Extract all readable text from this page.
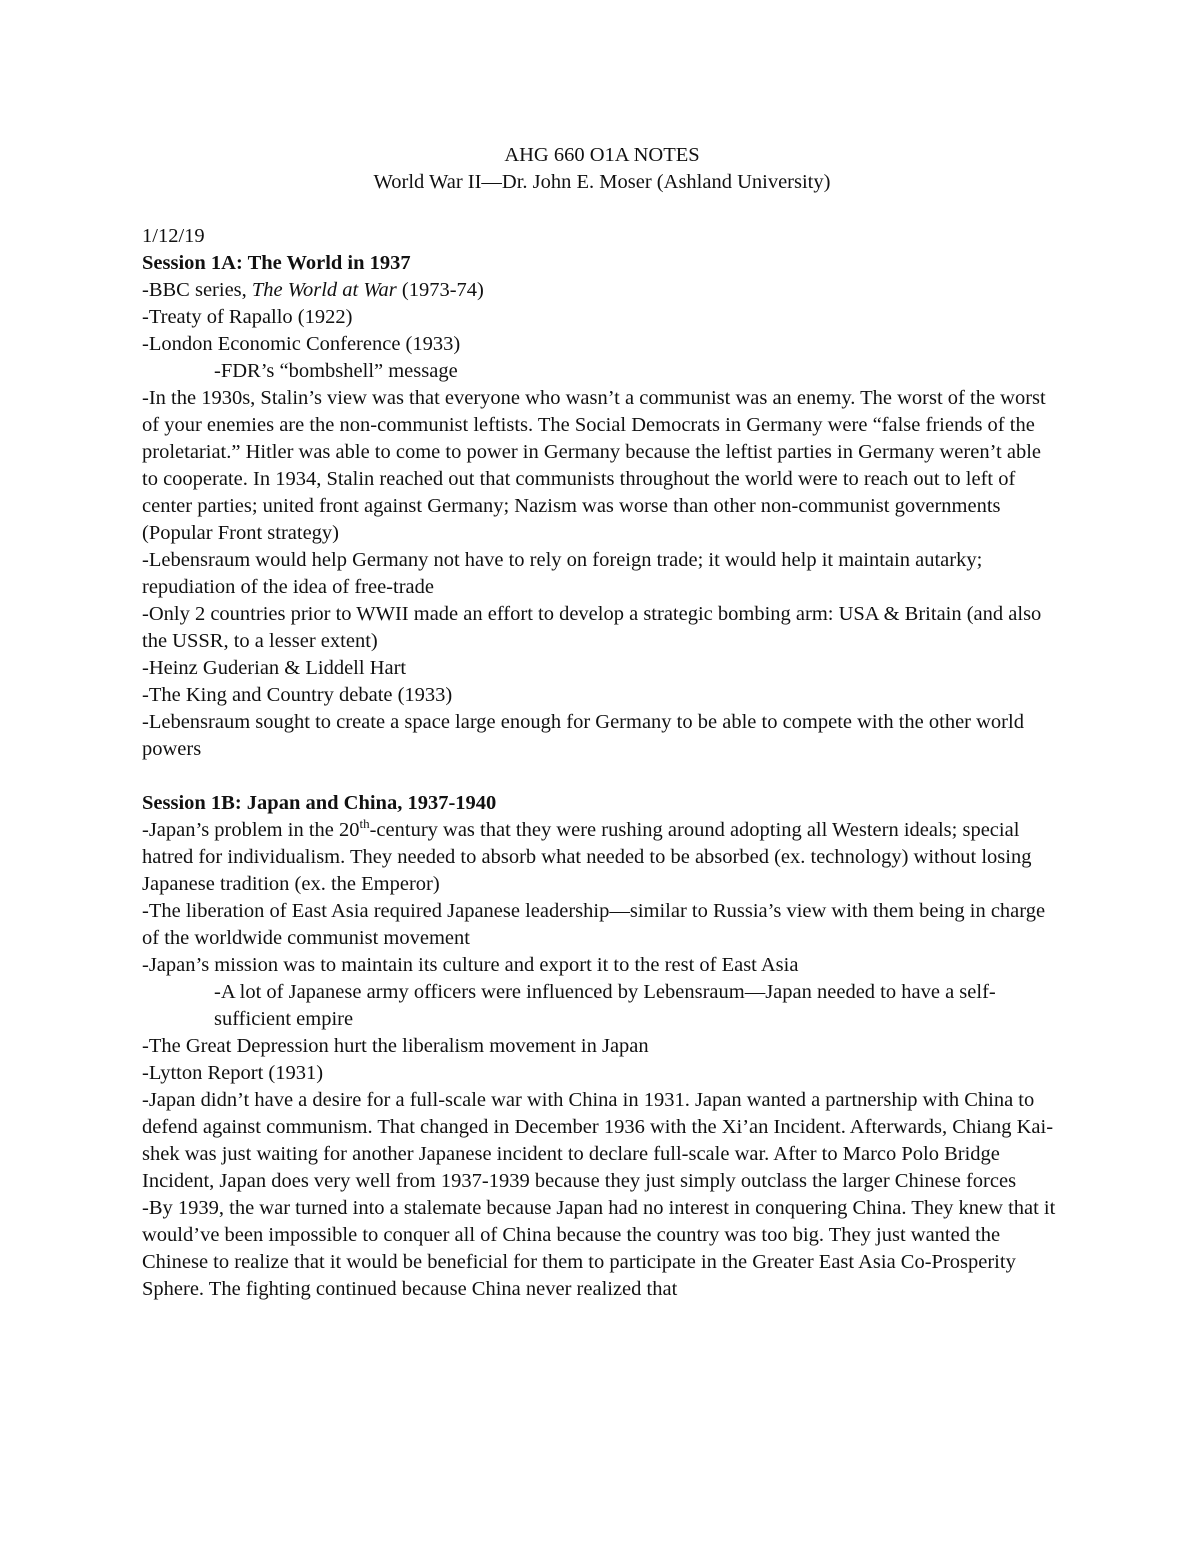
AHG 660 O1A NOTES

World War II—Dr. John E. Moser (Ashland University)

1/12/19

Session 1A: The World in 1937

-BBC series, The World at War (1973-74)

-Treaty of Rapallo (1922)

-London Economic Conference (1933)

-FDR’s “bombshell” message

-In the 1930s, Stalin’s view was that everyone who wasn’t a communist was an enemy. The worst of the worst of your enemies are the non-communist leftists. The Social Democrats in Germany were “false friends of the proletariat.” Hitler was able to come to power in Germany because the leftist parties in Germany weren’t able to cooperate. In 1934, Stalin reached out that communists throughout the world were to reach out to left of center parties; united front against Germany; Nazism was worse than other non-communist governments (Popular Front strategy)

-Lebensraum would help Germany not have to rely on foreign trade; it would help it maintain autarky; repudiation of the idea of free-trade

-Only 2 countries prior to WWII made an effort to develop a strategic bombing arm: USA & Britain (and also the USSR, to a lesser extent)

-Heinz Guderian & Liddell Hart

-The King and Country debate (1933)

-Lebensraum sought to create a space large enough for Germany to be able to compete with the other world powers

Session 1B: Japan and China, 1937-1940

-Japan’s problem in the 20th-century was that they were rushing around adopting all Western ideals; special hatred for individualism. They needed to absorb what needed to be absorbed (ex. technology) without losing Japanese tradition (ex. the Emperor)

-The liberation of East Asia required Japanese leadership—similar to Russia’s view with them being in charge of the worldwide communist movement

-Japan’s mission was to maintain its culture and export it to the rest of East Asia

-A lot of Japanese army officers were influenced by Lebensraum—Japan needed to have a self-sufficient empire

-The Great Depression hurt the liberalism movement in Japan

-Lytton Report (1931)

-Japan didn’t have a desire for a full-scale war with China in 1931. Japan wanted a partnership with China to defend against communism. That changed in December 1936 with the Xi’an Incident. Afterwards, Chiang Kai-shek was just waiting for another Japanese incident to declare full-scale war. After to Marco Polo Bridge Incident, Japan does very well from 1937-1939 because they just simply outclass the larger Chinese forces

-By 1939, the war turned into a stalemate because Japan had no interest in conquering China. They knew that it would’ve been impossible to conquer all of China because the country was too big. They just wanted the Chinese to realize that it would be beneficial for them to participate in the Greater East Asia Co-Prosperity Sphere. The fighting continued because China never realized that
